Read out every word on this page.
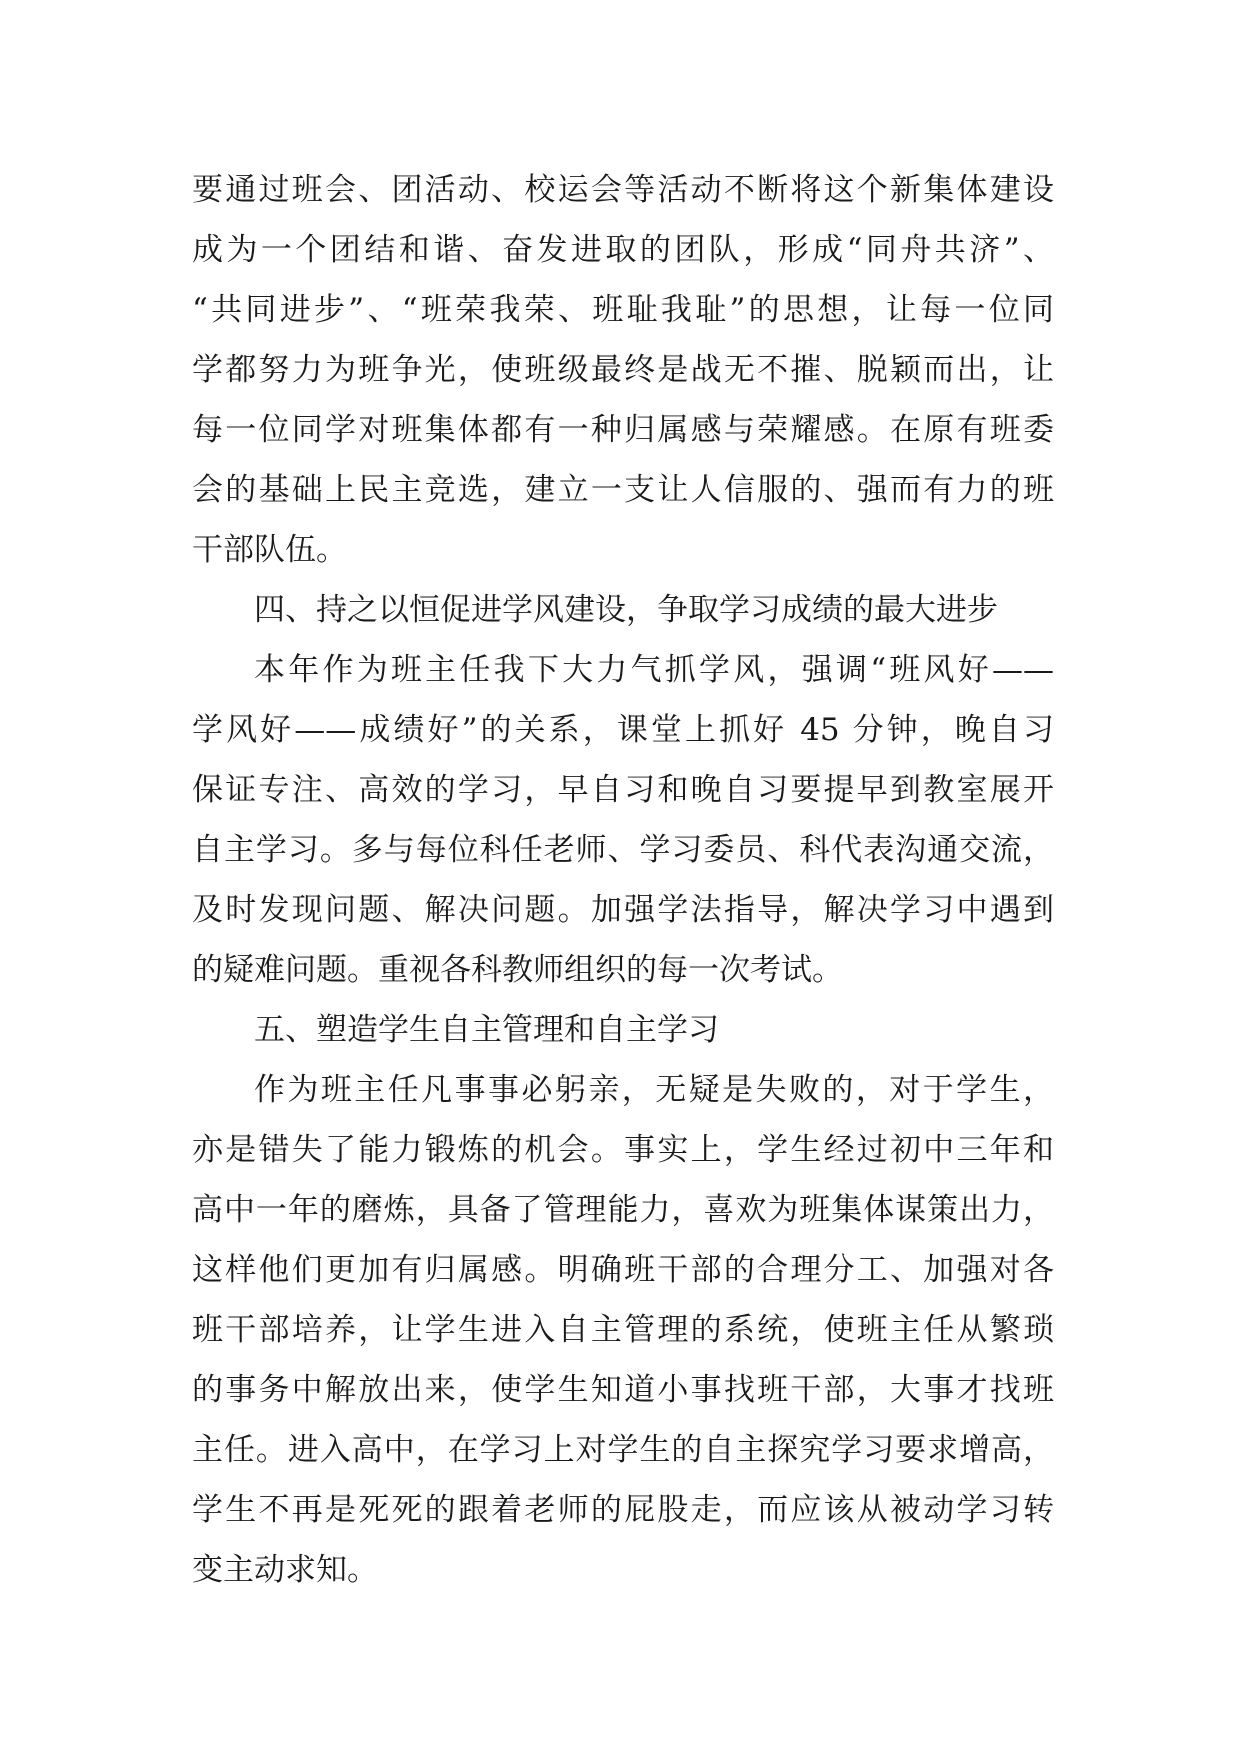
要通过班会、团活动、校运会等活动不断将这个新集体建设
成为一个团结和谐、奋发进取的团队，形成“同舟共济”、
“共同进步”、“班荣我荣、班耻我耻”的思想，让每一位同
学都努力为班争光，使班级最终是战无不摧、脱颖而出，让
每一位同学对班集体都有一种归属感与荣耀感。在原有班委
会的基础上民主竞选，建立一支让人信服的、强而有力的班
干部队伍。
四、持之以恒促进学风建设，争取学习成绩的最大进步
本年作为班主任我下大力气抓学风，强调“班风好——
学风好——成绩好”的关系，课堂上抓好 45 分钟，晚自习
保证专注、高效的学习，早自习和晚自习要提早到教室展开
自主学习。多与每位科任老师、学习委员、科代表沟通交流，
及时发现问题、解决问题。加强学法指导，解决学习中遇到
的疑难问题。重视各科教师组织的每一次考试。
五、塑造学生自主管理和自主学习
作为班主任凡事事必躬亲，无疑是失败的，对于学生，
亦是错失了能力锻炼的机会。事实上，学生经过初中三年和
高中一年的磨炼，具备了管理能力，喜欢为班集体谋策出力，
这样他们更加有归属感。明确班干部的合理分工、加强对各
班干部培养，让学生进入自主管理的系统，使班主任从繁琐
的事务中解放出来，使学生知道小事找班干部，大事才找班
主任。进入高中，在学习上对学生的自主探究学习要求增高，
学生不再是死死的跟着老师的屁股走，而应该从被动学习转
变主动求知。
